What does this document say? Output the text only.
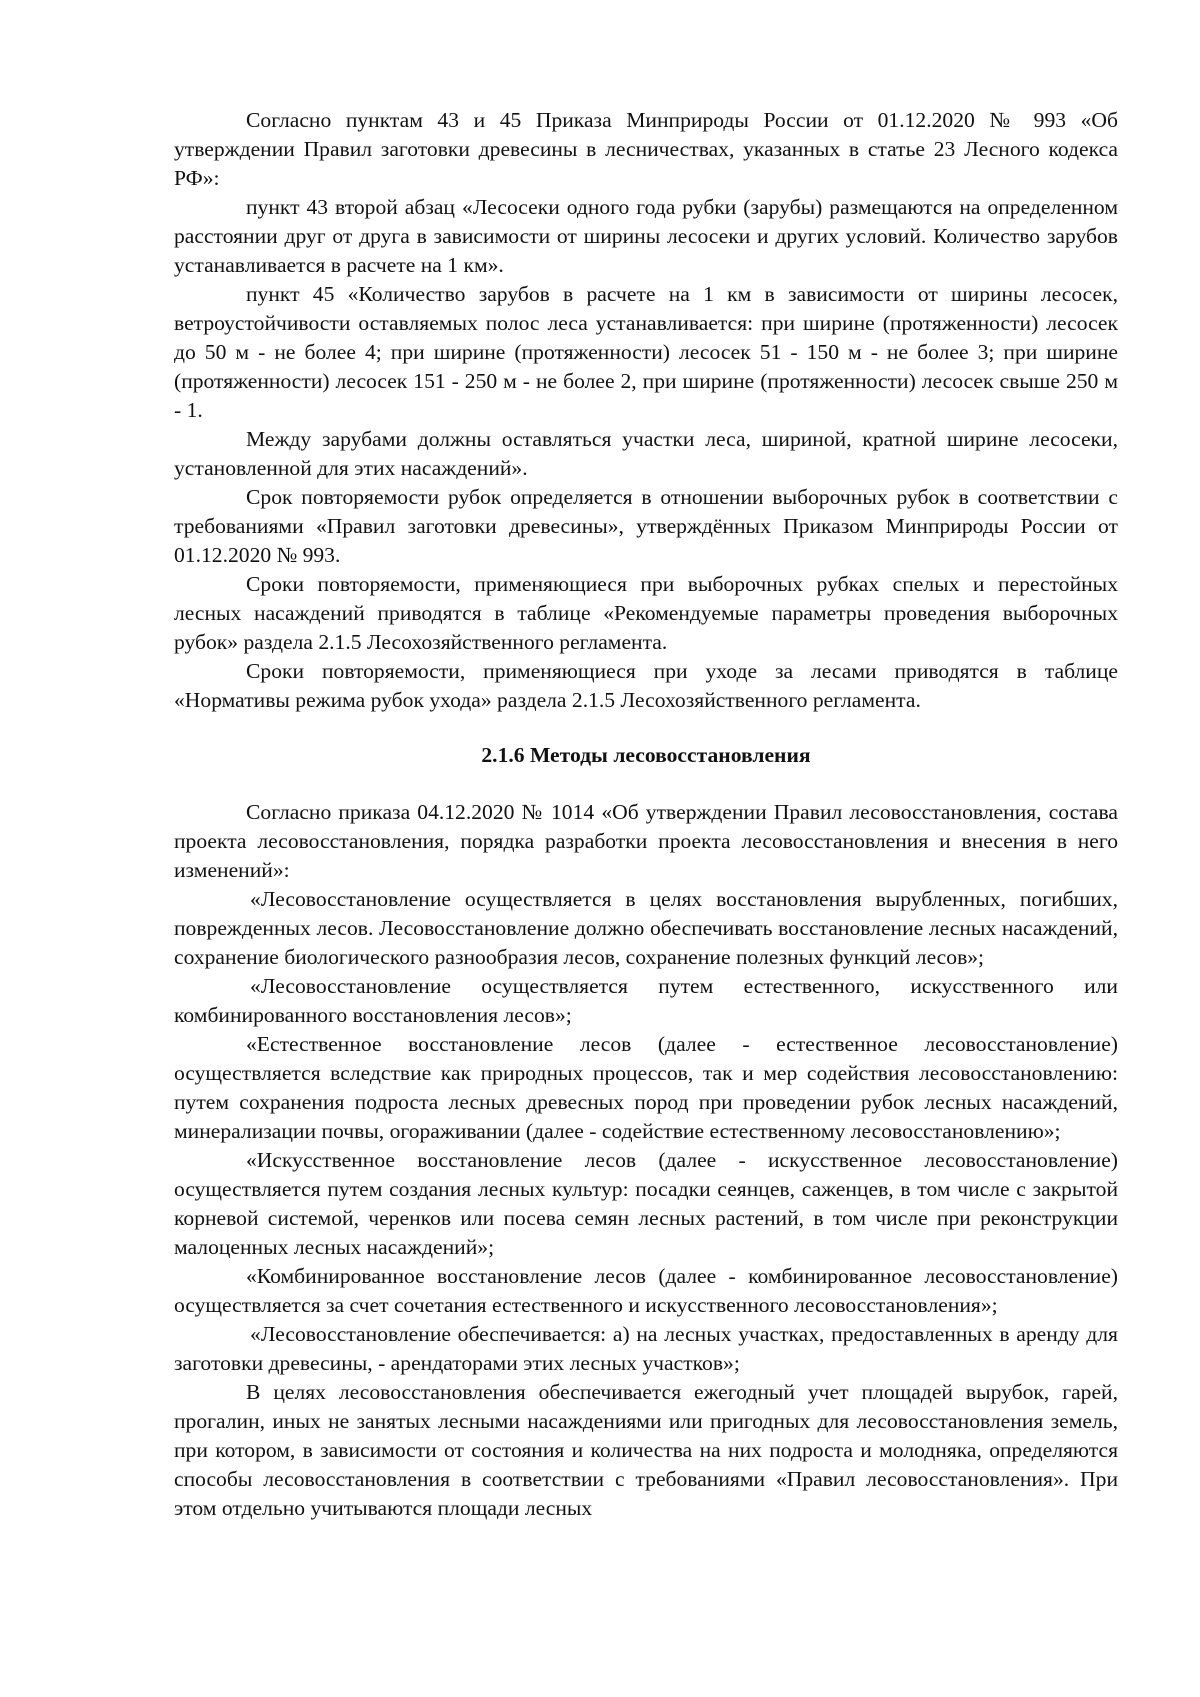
Согласно пунктам 43 и 45 Приказа Минприроды России от 01.12.2020 № 993 «Об утверждении Правил заготовки древесины в лесничествах, указанных в статье 23 Лесного кодекса РФ»:

пункт 43 второй абзац «Лесосеки одного года рубки (зарубы) размещаются на определенном расстоянии друг от друга в зависимости от ширины лесосеки и других условий. Количество зарубов устанавливается в расчете на 1 км».

пункт 45 «Количество зарубов в расчете на 1 км в зависимости от ширины лесосек, ветроустойчивости оставляемых полос леса устанавливается: при ширине (протяженности) лесосек до 50 м - не более 4; при ширине (протяженности) лесосек 51 - 150 м - не более 3; при ширине (протяженности) лесосек 151 - 250 м - не более 2, при ширине (протяженности) лесосек свыше 250 м - 1.

Между зарубами должны оставляться участки леса, шириной, кратной ширине лесосеки, установленной для этих насаждений».

Срок повторяемости рубок определяется в отношении выборочных рубок в соответствии с требованиями «Правил заготовки древесины», утверждённых Приказом Минприроды России от 01.12.2020 № 993.

Сроки повторяемости, применяющиеся при выборочных рубках спелых и перестойных лесных насаждений приводятся в таблице «Рекомендуемые параметры проведения выборочных рубок» раздела 2.1.5 Лесохозяйственного регламента.

Сроки повторяемости, применяющиеся при уходе за лесами приводятся в таблице «Нормативы режима рубок ухода» раздела 2.1.5 Лесохозяйственного регламента.

2.1.6 Методы лесовосстановления

Согласно приказа 04.12.2020 № 1014 «Об утверждении Правил лесовосстановления, состава проекта лесовосстановления, порядка разработки проекта лесовосстановления и внесения в него изменений»:

«Лесовосстановление осуществляется в целях восстановления вырубленных, погибших, поврежденных лесов. Лесовосстановление должно обеспечивать восстановление лесных насаждений, сохранение биологического разнообразия лесов, сохранение полезных функций лесов»;

«Лесовосстановление осуществляется путем естественного, искусственного или комбинированного восстановления лесов»;

«Естественное восстановление лесов (далее - естественное лесовосстановление) осуществляется вследствие как природных процессов, так и мер содействия лесовосстановлению: путем сохранения подроста лесных древесных пород при проведении рубок лесных насаждений, минерализации почвы, огораживании (далее - содействие естественному лесовосстановлению»;

«Искусственное восстановление лесов (далее - искусственное лесовосстановление) осуществляется путем создания лесных культур: посадки сеянцев, саженцев, в том числе с закрытой корневой системой, черенков или посева семян лесных растений, в том числе при реконструкции малоценных лесных насаждений»;

«Комбинированное восстановление лесов (далее - комбинированное лесовосстановление) осуществляется за счет сочетания естественного и искусственного лесовосстановления»;

«Лесовосстановление обеспечивается: а) на лесных участках, предоставленных в аренду для заготовки древесины, - арендаторами этих лесных участков»;

В целях лесовосстановления обеспечивается ежегодный учет площадей вырубок, гарей, прогалин, иных не занятых лесными насаждениями или пригодных для лесовосстановления земель, при котором, в зависимости от состояния и количества на них подроста и молодняка, определяются способы лесовосстановления в соответствии с требованиями «Правил лесовосстановления». При этом отдельно учитываются площади лесных
